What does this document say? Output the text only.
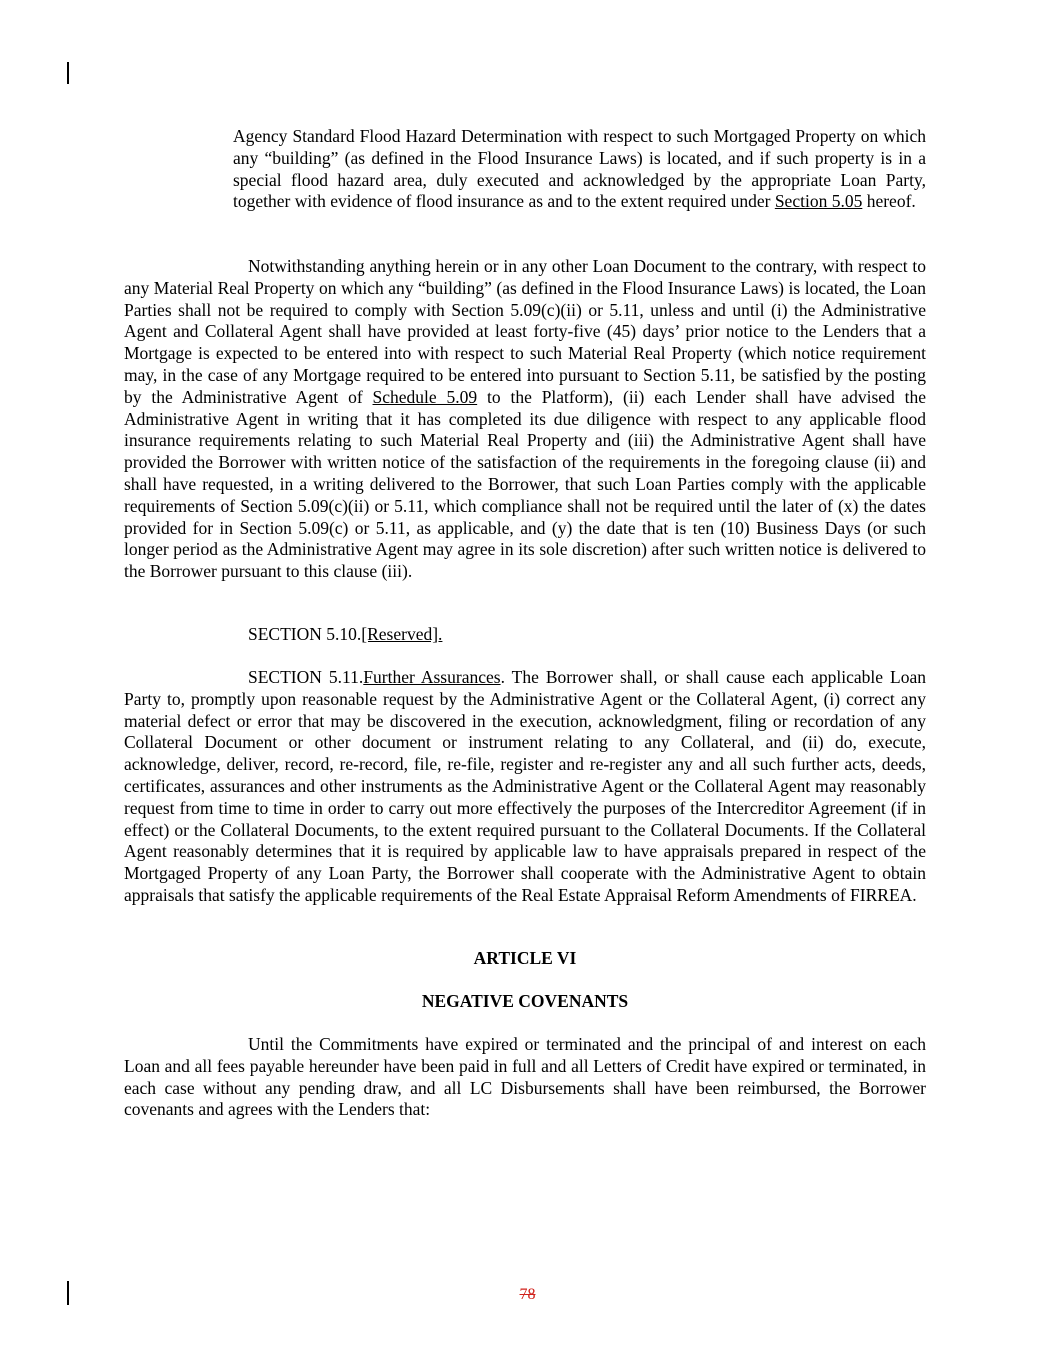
Agency Standard Flood Hazard Determination with respect to such Mortgaged Property on which any “building” (as defined in the Flood Insurance Laws) is located, and if such property is in a special flood hazard area, duly executed and acknowledged by the appropriate Loan Party, together with evidence of flood insurance as and to the extent required under Section 5.05 hereof.
Notwithstanding anything herein or in any other Loan Document to the contrary, with respect to any Material Real Property on which any “building” (as defined in the Flood Insurance Laws) is located, the Loan Parties shall not be required to comply with Section 5.09(c)(ii) or 5.11, unless and until (i) the Administrative Agent and Collateral Agent shall have provided at least forty-five (45) days’ prior notice to the Lenders that a Mortgage is expected to be entered into with respect to such Material Real Property (which notice requirement may, in the case of any Mortgage required to be entered into pursuant to Section 5.11, be satisfied by the posting by the Administrative Agent of Schedule 5.09 to the Platform), (ii) each Lender shall have advised the Administrative Agent in writing that it has completed its due diligence with respect to any applicable flood insurance requirements relating to such Material Real Property and (iii) the Administrative Agent shall have provided the Borrower with written notice of the satisfaction of the requirements in the foregoing clause (ii) and shall have requested, in a writing delivered to the Borrower, that such Loan Parties comply with the applicable requirements of Section 5.09(c)(ii) or 5.11, which compliance shall not be required until the later of (x) the dates provided for in Section 5.09(c) or 5.11, as applicable, and (y) the date that is ten (10) Business Days (or such longer period as the Administrative Agent may agree in its sole discretion) after such written notice is delivered to the Borrower pursuant to this clause (iii).
SECTION 5.10.[Reserved].
SECTION 5.11.Further Assurances. The Borrower shall, or shall cause each applicable Loan Party to, promptly upon reasonable request by the Administrative Agent or the Collateral Agent, (i) correct any material defect or error that may be discovered in the execution, acknowledgment, filing or recordation of any Collateral Document or other document or instrument relating to any Collateral, and (ii) do, execute, acknowledge, deliver, record, re-record, file, re-file, register and re-register any and all such further acts, deeds, certificates, assurances and other instruments as the Administrative Agent or the Collateral Agent may reasonably request from time to time in order to carry out more effectively the purposes of the Intercreditor Agreement (if in effect) or the Collateral Documents, to the extent required pursuant to the Collateral Documents. If the Collateral Agent reasonably determines that it is required by applicable law to have appraisals prepared in respect of the Mortgaged Property of any Loan Party, the Borrower shall cooperate with the Administrative Agent to obtain appraisals that satisfy the applicable requirements of the Real Estate Appraisal Reform Amendments of FIRREA.
ARTICLE VI
NEGATIVE COVENANTS
Until the Commitments have expired or terminated and the principal of and interest on each Loan and all fees payable hereunder have been paid in full and all Letters of Credit have expired or terminated, in each case without any pending draw, and all LC Disbursements shall have been reimbursed, the Borrower covenants and agrees with the Lenders that:
78
